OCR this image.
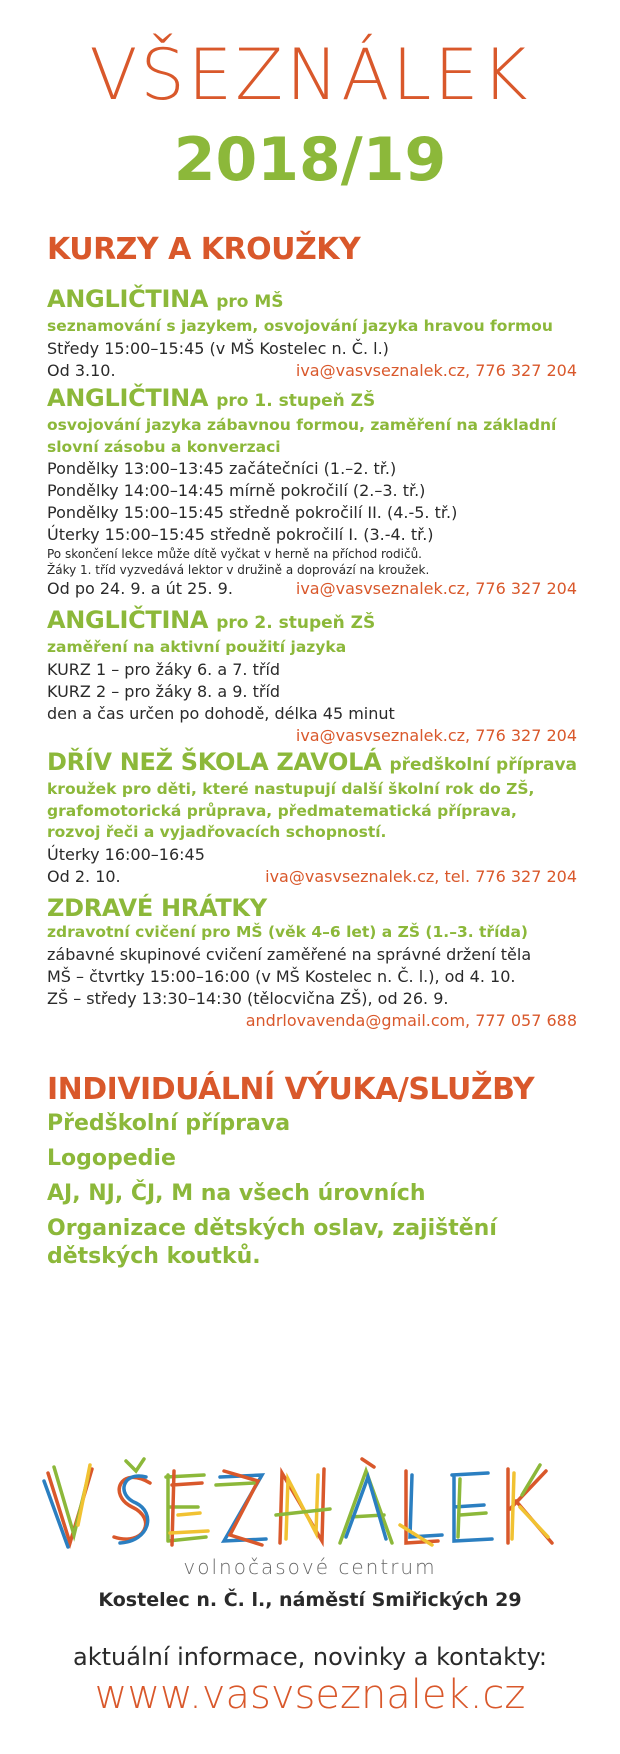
VŠEZNÁLEK
2018/19
KURZY A KROUŽKY
ANGLIČTINA pro MŠ
seznamování s jazykem, osvojování jazyka hravou formou
Středy 15:00–15:45 (v MŠ Kostelec n. Č. l.)
Od 3.10.	iva@vasvseznalek.cz, 776 327 204
ANGLIČTINA pro 1. stupeň ZŠ
osvojování jazyka zábavnou formou, zaměření na základní
slovní zásobu a konverzaci
Pondělky 13:00–13:45 začátečníci (1.–2. tř.)
Pondělky 14:00–14:45 mírně pokročilí (2.–3. tř.)
Pondělky 15:00–15:45 středně pokročilí II. (4.-5. tř.)
Úterky 15:00–15:45 středně pokročilí I. (3.-4. tř.)
Po skončení lekce může dítě vyčkat v herně na příchod rodičů.
Žáky 1. tříd vyzvedává lektor v družině a doprovází na kroužek.
Od po 24. 9. a út 25. 9.	iva@vasvseznalek.cz, 776 327 204
ANGLIČTINA pro 2. stupeň ZŠ
zaměření na aktivní použití jazyka
KURZ 1 – pro žáky 6. a 7. tříd
KURZ 2 – pro žáky 8. a 9. tříd
den a čas určen po dohodě, délka 45 minut
iva@vasvseznalek.cz, 776 327 204
DŘÍV NEŽ ŠKOLA ZAVOLÁ předškolní příprava
kroužek pro děti, které nastupují další školní rok do ZŠ,
grafomotorická průprava, předmatematická příprava,
rozvoj řeči a vyjadřovacích schopností.
Úterky 16:00–16:45
Od 2. 10.	iva@vasvseznalek.cz, tel. 776 327 204
ZDRAVÉ HRÁTKY
zdravotní cvičení pro MŠ (věk 4–6 let) a ZŠ (1.–3. třída)
zábavné skupinové cvičení zaměřené na správné držení těla
MŠ – čtvrtky 15:00–16:00 (v MŠ Kostelec n. Č. l.), od 4. 10.
ZŠ – středy 13:30–14:30 (tělocvična ZŠ), od 26. 9.
andrlovavenda@gmail.com, 777 057 688
INDIVIDUÁLNÍ VÝUKA/SLUŽBY
Předškolní příprava
Logopedie
AJ, NJ, ČJ, M na všech úrovních
Organizace dětských oslav, zajištění
dětských koutků.
volnočasové centrum
Kostelec n. Č. l., náměstí Smiřických 29
aktuální informace, novinky a kontakty:
www.vasvseznalek.cz
